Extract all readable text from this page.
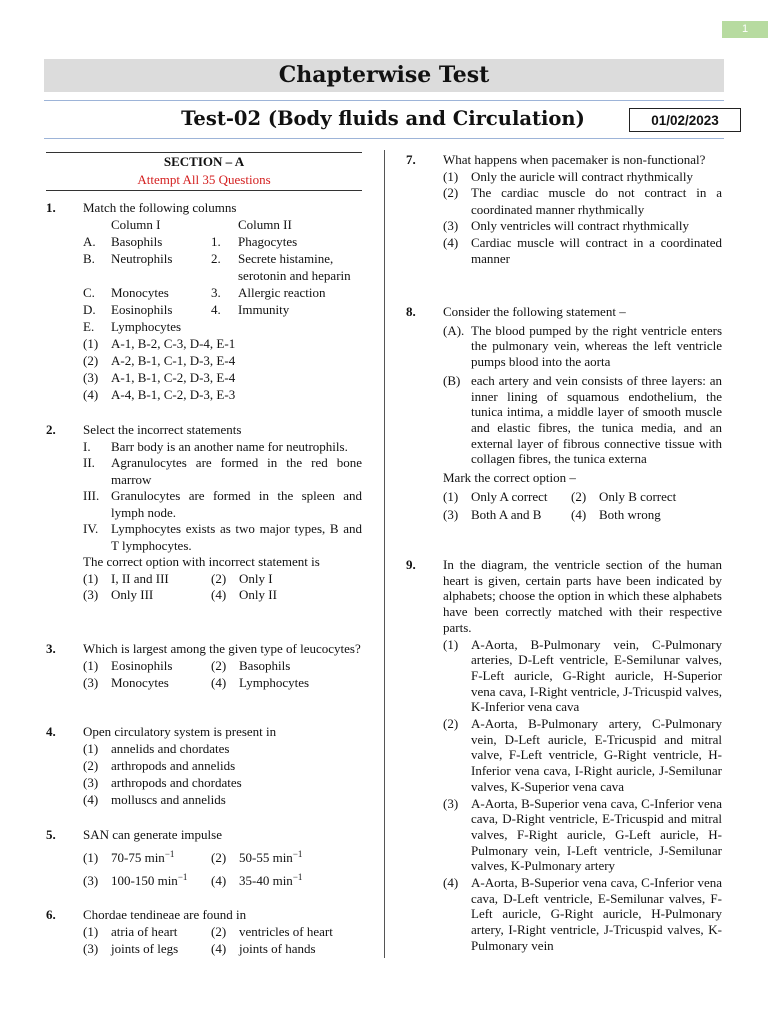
1
Chapterwise Test
Test-02 (Body fluids and Circulation)	01/02/2023
SECTION – A
Attempt All 35 Questions
1.	Match the following columns
Column I	Column II
A.	Basophils	1.	Phagocytes
B.	Neutrophils	2.	Secrete histamine, serotonin and heparin
C.	Monocytes	3.	Allergic reaction
D.	Eosinophils	4.	Immunity
E.	Lymphocytes
(1) A-1, B-2, C-3, D-4, E-1
(2) A-2, B-1, C-1, D-3, E-4
(3) A-1, B-1, C-2, D-3, E-4
(4) A-4, B-1, C-2, D-3, E-3
2.	Select the incorrect statements
I.	Barr body is an another name for neutrophils.
II.	Agranulocytes are formed in the red bone marrow
III. Granulocytes are formed in the spleen and lymph node.
IV. Lymphocytes exists as two major types, B and T lymphocytes.
The correct option with incorrect statement is
(1) I, II and III	(2) Only I
(3) Only III	(4) Only II
3.	Which is largest among the given type of leucocytes?
(1) Eosinophils	(2) Basophils
(3) Monocytes	(4) Lymphocytes
4.	Open circulatory system is present in
(1) annelids and chordates
(2) arthropods and annelids
(3) arthropods and chordates
(4) molluscs and annelids
5.	SAN can generate impulse
(1) 70-75 $\min^{-1}$	(2) 50-55 $\min^{-1}$
(3) 100-150 $\min^{-1} (4)$ 35-40 $\min^{-1}$
6.	Chordae tendineae are found in
(1) atria of heart	(2) ventricles of heart
(3) joints of legs	(4) joints of hands
7.	What happens when pacemaker is non-functional?
(1) Only the auricle will contract rhythmically
(2) The cardiac muscle do not contract in a coordinated manner rhythmically
(3) Only ventricles will contract rhythmically
(4) Cardiac muscle will contract in a coordinated manner
8.	Consider the following statement –
(A). The blood pumped by the right ventricle enters the pulmonary vein, whereas the left ventricle pumps blood into the aorta
(B) each artery and vein consists of three layers: an inner lining of squamous endothelium, the tunica intima, a middle layer of smooth muscle and elastic fibres, the tunica media, and an external layer of fibrous connective tissue with collagen fibres, the tunica externa
Mark the correct option –
(1) Only A correct (2) Only B correct
(3) Both A and B (4) Both wrong
9.	In the diagram, the ventricle section of the human heart is given, certain parts have been indicated by alphabets; choose the option in which these alphabets have been correctly matched with their respective parts.
(1) A-Aorta, B-Pulmonary vein, C-Pulmonary arteries, D-Left ventricle, E-Semilunar valves, F-Left auricle, G-Right auricle, H-Superior vena cava, I-Right ventricle, J-Tricuspid valves, K-Inferior vena cava
(2) A-Aorta, B-Pulmonary artery, C-Pulmonary vein, D-Left auricle, E-Tricuspid and mitral valve, F-Left ventricle, G-Right ventricle, H-Inferior vena cava, I-Right auricle, J-Semilunar valves, K-Superior vena cava
(3) A-Aorta, B-Superior vena cava, C-Inferior vena cava, D-Right ventricle, E-Tricuspid and mitral valves, F-Right auricle, G-Left auricle, H-Pulmonary vein, I-Left ventricle, J-Semilunar valves, K-Pulmonary artery
(4) A-Aorta, B-Superior vena cava, C-Inferior vena cava, D-Left ventricle, E-Semilunar valves, F-Left auricle, G-Right auricle, H-Pulmonary artery, I-Right ventricle, J-Tricuspid valves, K-Pulmonary vein
